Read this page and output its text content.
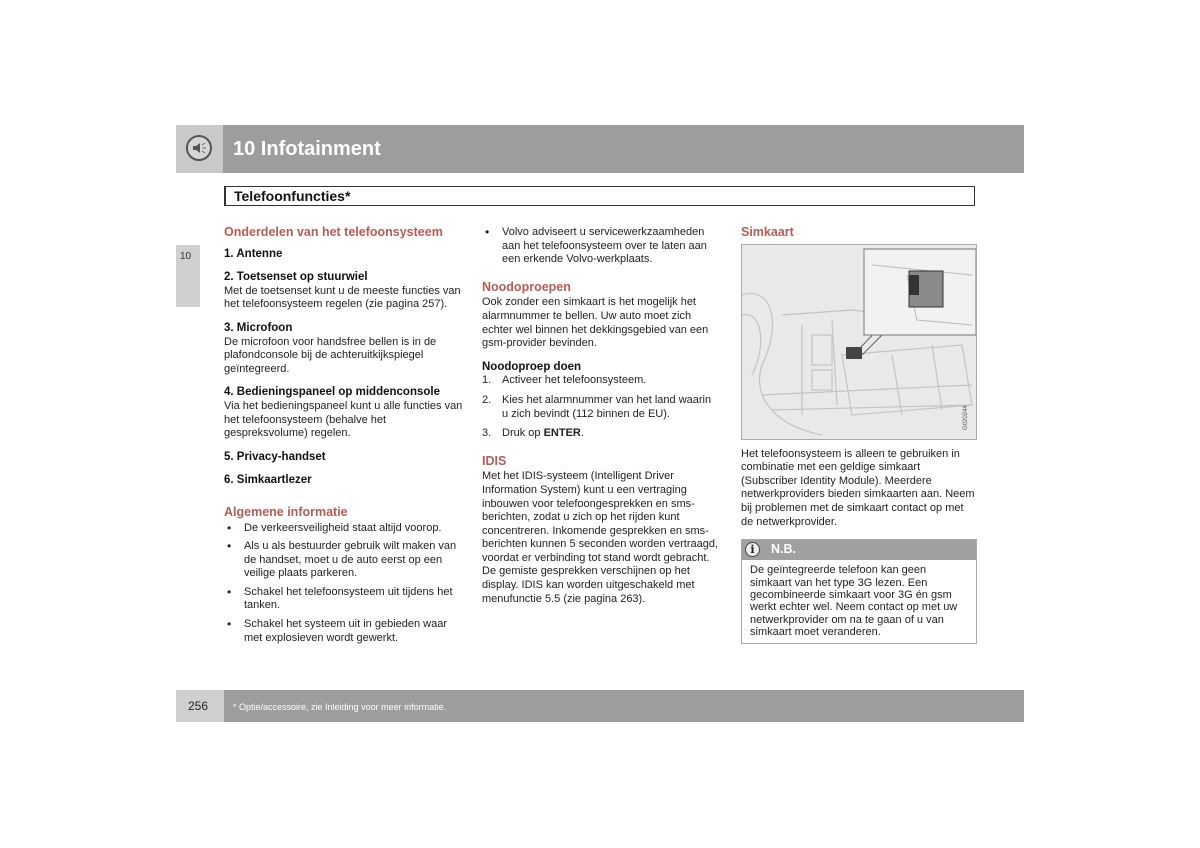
10 Infotainment
Telefoonfuncties*
10
Onderdelen van het telefoonsysteem
1. Antenne
2. Toetsenset op stuurwiel
Met de toetsenset kunt u de meeste functies van het telefoonsysteem regelen (zie pagina 257).
3. Microfoon
De microfoon voor handsfree bellen is in de plafondconsole bij de achteruitkijkspiegel geïntegreerd.
4. Bedieningspaneel op middenconsole
Via het bedieningspaneel kunt u alle functies van het telefoonsysteem (behalve het gespreksvolume) regelen.
5. Privacy-handset
6. Simkaartlezer
Algemene informatie
• De verkeersveiligheid staat altijd voorop.
• Als u als bestuurder gebruik wilt maken van de handset, moet u de auto eerst op een veilige plaats parkeren.
• Schakel het telefoonsysteem uit tijdens het tanken.
• Schakel het systeem uit in gebieden waar met explosieven wordt gewerkt.
• Volvo adviseert u servicewerkzaamheden aan het telefoonsysteem over te laten aan een erkende Volvo-werkplaats.
Noodoproepen

Ook zonder een simkaart is het mogelijk het alarmnummer te bellen. Uw auto moet zich echter wel binnen het dekkingsgebied van een gsm-provider bevinden.

Noodoproep doen
1. Activeer het telefoonsysteem.
2. Kies het alarmnummer van het land waarin u zich bevindt (112 binnen de EU).
3. Druk op ENTER.
IDIS

Met het IDIS-systeem (Intelligent Driver Information System) kunt u een vertraging inbouwen voor telefoongesprekken en sms-berichten, zodat u zich op het rijden kunt concentreren. Inkomende gesprekken en sms-berichten kunnen 5 seconden worden vertraagd, voordat er verbinding tot stand wordt gebracht. De gemiste gesprekken verschijnen op het display. IDIS kan worden uitgeschakeld met menufunctie 5.5 (zie pagina 263).

Simkaart
G020244

Het telefoonsysteem is alleen te gebruiken in combinatie met een geldige simkaart (Subscriber Identity Module). Meerdere netwerkproviders bieden simkaarten aan. Neem bij problemen met de simkaart contact op met de netwerkprovider.

i	N.B.
De geïntegreerde telefoon kan geen simkaart van het type 3G lezen. Een gecombineerde simkaart voor 3G én gsm werkt echter wel. Neem contact op met uw netwerkprovider om na te gaan of u van simkaart moet veranderen.
256	* Optie/accessoire, zie Inleiding voor meer informatie.
